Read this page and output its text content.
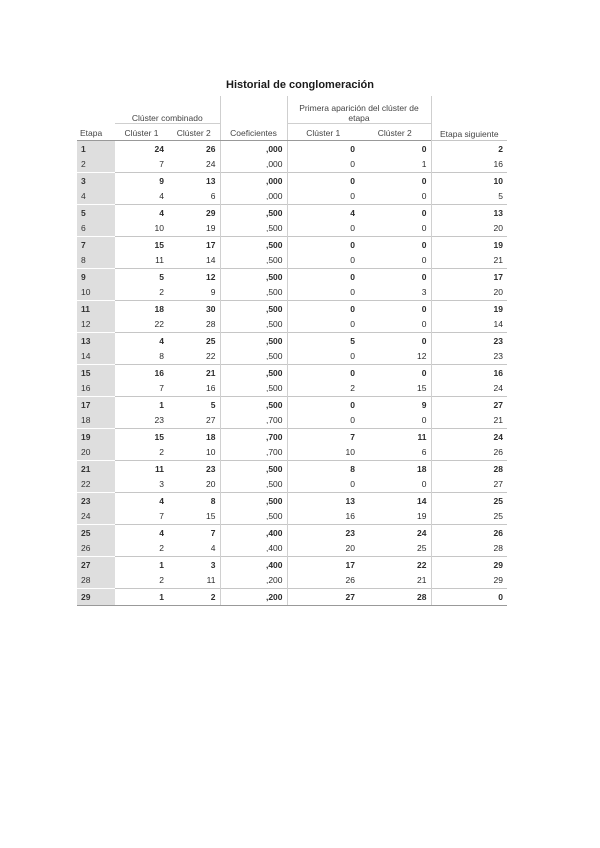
Historial de conglomeración
	Clúster combinado			Primera aparición del clúster de etapa		Etapa siguiente
Etapa	Clúster 1	Clúster 2	Coeficientes	Clúster 1	Clúster 2	
1	24	26	,000	0	0	2
2	7	24	,000	0	1	16
3	9	13	,000	0	0	10
4	4	6	,000	0	0	5
5	4	29	,500	4	0	13
6	10	19	,500	0	0	20
7	15	17	,500	0	0	19
8	11	14	,500	0	0	21
9	5	12	,500	0	0	17
10	2	9	,500	0	3	20
11	18	30	,500	0	0	19
12	22	28	,500	0	0	14
13	4	25	,500	5	0	23
14	8	22	,500	0	12	23
15	16	21	,500	0	0	16
16	7	16	,500	2	15	24
17	1	5	,500	0	9	27
18	23	27	,700	0	0	21
19	15	18	,700	7	11	24
20	2	10	,700	10	6	26
21	11	23	,500	8	18	28
22	3	20	,500	0	0	27
23	4	8	,500	13	14	25
24	7	15	,500	16	19	25
25	4	7	,400	23	24	26
26	2	4	,400	20	25	28
27	1	3	,400	17	22	29
28	2	11	,200	26	21	29
29	1	2	,200	27	28	0
